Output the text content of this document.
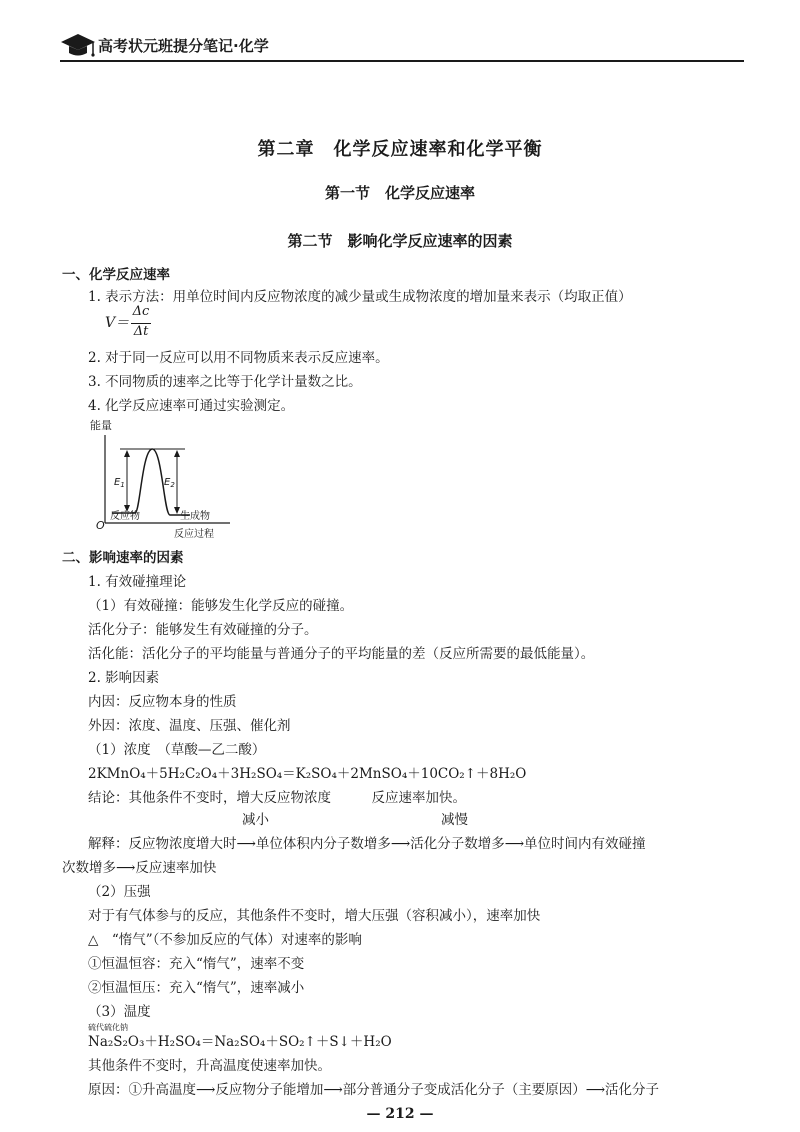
高考状元班提分笔记·化学
第二章　化学反应速率和化学平衡
第一节　化学反应速率
第二节　影响化学反应速率的因素
一、化学反应速率
1. 表示方法：用单位时间内反应物浓度的减少量或生成物浓度的增加量来表示（均取正值）
V＝
Δc
Δt
2. 对于同一反应可以用不同物质来表示反应速率。
3. 不同物质的速率之比等于化学计量数之比。
4. 化学反应速率可通过实验测定。
能量
O
$E_1$	$E_2$
反应物	生成物
反应过程
二、影响速率的因素
1. 有效碰撞理论
（1）有效碰撞：能够发生化学反应的碰撞。
活化分子：能够发生有效碰撞的分子。
活化能：活化分子的平均能量与普通分子的平均能量的差（反应所需要的最低能量）。
2. 影响因素
内因：反应物本身的性质
外因：浓度、温度、压强、催化剂
（1）浓度　（草酸—乙二酸）
2KMnO₄＋5H₂C₂O₄＋3H₂SO₄＝K₂SO₄＋2MnSO₄＋10CO₂↑＋8H₂O
结论：其他条件不变时，增大反应物浓度　　　反应速率加快。
减小	减慢
解释：反应物浓度增大时⟶单位体积内分子数增多⟶活化分子数增多⟶单位时间内有效碰撞
次数增多⟶反应速率加快
（2）压强
对于有气体参与的反应，其他条件不变时，增大压强（容积减小），速率加快
△　“惰气”（不参加反应的气体）对速率的影响
①恒温恒容：充入“惰气”，速率不变
②恒温恒压：充入“惰气”，速率减小
（3）温度
硫代硫化钠
Na₂S₂O₃＋H₂SO₄＝Na₂SO₄＋SO₂↑＋S↓＋H₂O
其他条件不变时，升高温度使速率加快。
原因：①升高温度⟶反应物分子能增加⟶部分普通分子变成活化分子（主要原因）⟶活化分子
— 212 —
